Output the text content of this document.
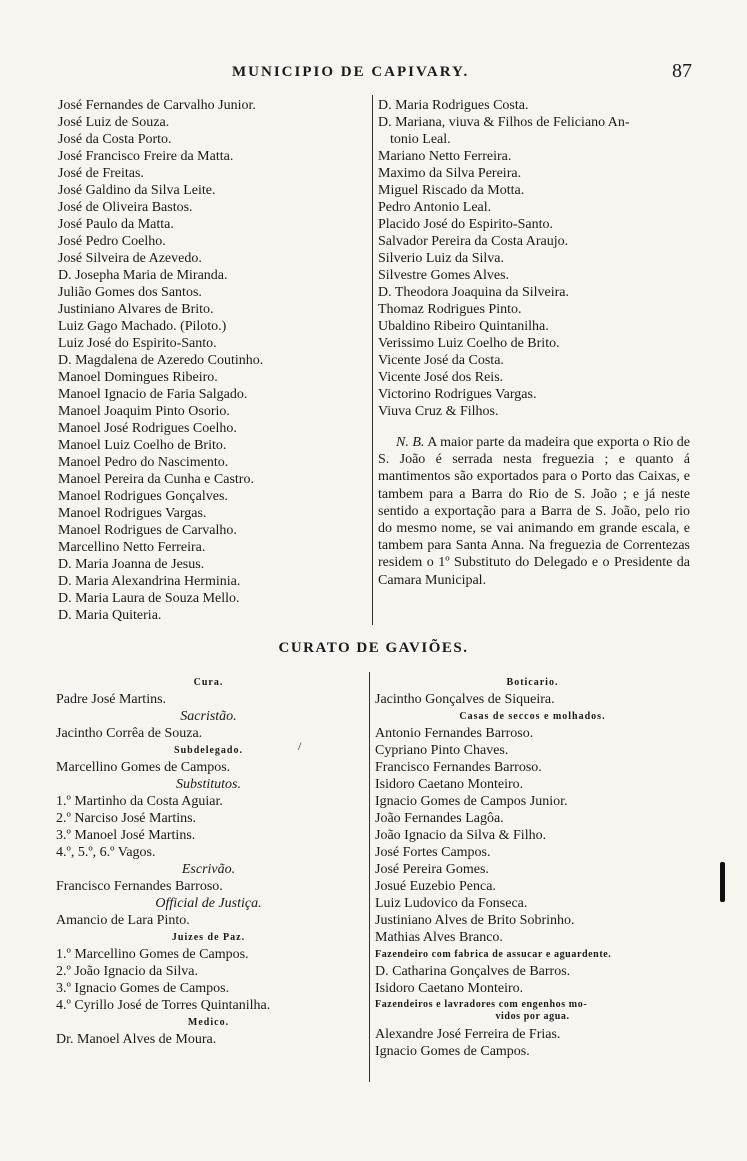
MUNICIPIO DE CAPIVARY.	87
José Fernandes de Carvalho Junior.
José Luiz de Souza.
José da Costa Porto.
José Francisco Freire da Matta.
José de Freitas.
José Galdino da Silva Leite.
José de Oliveira Bastos.
José Paulo da Matta.
José Pedro Coelho.
José Silveira de Azevedo.
D. Josepha Maria de Miranda.
Julião Gomes dos Santos.
Justiniano Alvares de Brito.
Luiz Gago Machado. (Piloto.)
Luiz José do Espirito-Santo.
D. Magdalena de Azeredo Coutinho.
Manoel Domingues Ribeiro.
Manoel Ignacio de Faria Salgado.
Manoel Joaquim Pinto Osorio.
Manoel José Rodrigues Coelho.
Manoel Luiz Coelho de Brito.
Manoel Pedro do Nascimento.
Manoel Pereira da Cunha e Castro.
Manoel Rodrigues Gonçalves.
Manoel Rodrigues Vargas.
Manoel Rodrigues de Carvalho.
Marcellino Netto Ferreira.
D. Maria Joanna de Jesus.
D. Maria Alexandrina Herminia.
D. Maria Laura de Souza Mello.
D. Maria Quiteria.
D. Maria Rodrigues Costa.
D. Mariana, viuva & Filhos de Feliciano An-
tonio Leal.
Mariano Netto Ferreira.
Maximo da Silva Pereira.
Miguel Riscado da Motta.
Pedro Antonio Leal.
Placido José do Espirito-Santo.
Salvador Pereira da Costa Araujo.
Silverio Luiz da Silva.
Silvestre Gomes Alves.
D. Theodora Joaquina da Silveira.
Thomaz Rodrigues Pinto.
Ubaldino Ribeiro Quintanilha.
Verissimo Luiz Coelho de Brito.
Vicente José da Costa.
Vicente José dos Reis.
Victorino Rodrigues Vargas.
Viuva Cruz & Filhos.
N. B. A maior parte da madeira que exporta o Rio de S. João é serrada nesta freguezia ; e quanto á mantimentos são exportados para o Porto das Caixas, e tambem para a Barra do Rio de S. João ; e já neste sentido a exportação para a Barra de S. João, pelo rio do mesmo nome, se vai animando em grande escala, e tambem para Santa Anna. Na freguezia de Correntezas residem o 1º Substituto do Delegado e o Presidente da Camara Municipal.
CURATO DE GAVIÕES.
Cura.
Padre José Martins.
Sacristão.
Jacintho Corrêa de Souza.
Subdelegado.
Marcellino Gomes de Campos.
Substitutos.
1.º Martinho da Costa Aguiar.
2.º Narciso José Martins.
3.º Manoel José Martins.
4.º, 5.º, 6.º Vagos.
Escrivão.
Francisco Fernandes Barroso.
Official de Justiça.
Amancio de Lara Pinto.
Juizes de Paz.
1.º Marcellino Gomes de Campos.
2.º João Ignacio da Silva.
3.º Ignacio Gomes de Campos.
4.º Cyrillo José de Torres Quintanilha.
Medico.
Dr. Manoel Alves de Moura.
/
Boticario.
Jacintho Gonçalves de Siqueira.
Casas de seccos e molhados.
Antonio Fernandes Barroso.
Cypriano Pinto Chaves.
Francisco Fernandes Barroso.
Isidoro Caetano Monteiro.
Ignacio Gomes de Campos Junior.
João Fernandes Lagôa.
João Ignacio da Silva & Filho.
José Fortes Campos.
José Pereira Gomes.
Josué Euzebio Penca.
Luiz Ludovico da Fonseca.
Justiniano Alves de Brito Sobrinho.
Mathias Alves Branco.
Fazendeiro com fabrica de assucar e aguardente.
D. Catharina Gonçalves de Barros.
Isidoro Caetano Monteiro.
Fazendeiros e lavradores com engenhos mo-
vidos por agua.
Alexandre José Ferreira de Frias.
Ignacio Gomes de Campos.
